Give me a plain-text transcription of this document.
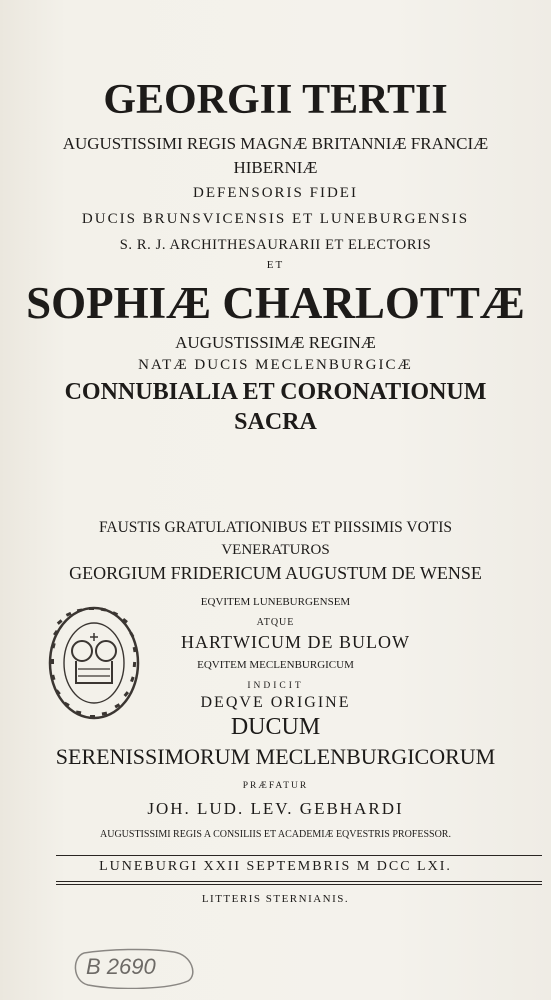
GEORGII TERTII
AUGUSTISSIMI REGIS MAGNÆ BRITANNIÆ FRANCIÆ
HIBERNIÆ
DEFENSORIS FIDEI
DUCIS BRUNSVICENSIS ET LUNEBURGENSIS
S. R. J. ARCHITHESAURARII ET ELECTORIS
ET
SOPHIÆ CHARLOTTÆ
AUGUSTISSIMÆ REGINÆ
NATÆ DUCIS MECLENBURGICÆ
CONNUBIALIA ET CORONATIONUM
SACRA
FAUSTIS GRATULATIONIBUS ET PIISSIMIS VOTIS
VENERATUROS
GEORGIUM FRIDERICUM AUGUSTUM DE WENSE
EQVITEM LUNEBURGENSEM
ATQUE
HARTWICUM DE BULOW
EQVITEM MECLENBURGICUM
INDICIT
DEQVE ORIGINE
DUCUM
SERENISSIMORUM MECLENBURGICORUM
PRÆFATUR
JOH. LUD. LEV. GEBHARDI
AUGUSTISSIMI REGIS A CONSILIIS ET ACADEMIÆ EQVESTRIS PROFESSOR.
LUNEBURGI XXII SEPTEMBRIS M DCC LXI.
LITTERIS STERNIANIS.
B 2690
